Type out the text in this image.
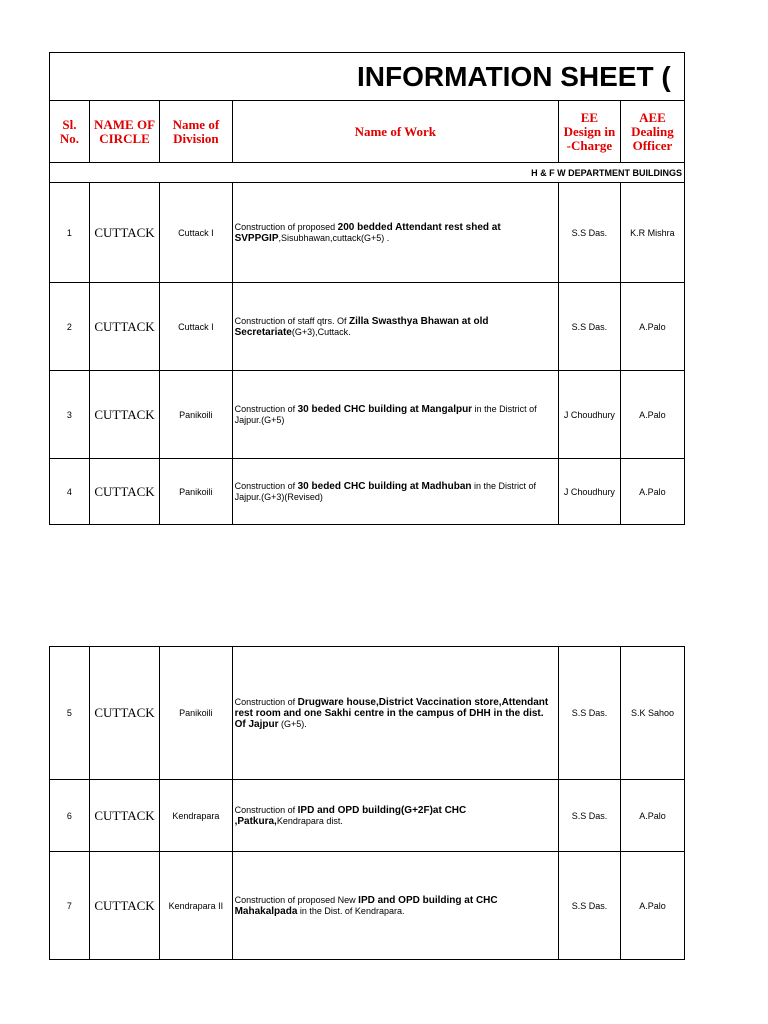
INFORMATION SHEET (					
Sl. No.	NAME OF CIRCLE	Name of Division	Name of Work	EE Design in -Charge	AEE Dealing Officer
H & F W DEPARTMENT BUILDINGS					
1	CUTTACK	Cuttack I	Construction of proposed 200 bedded Attendant rest shed at SVPPGIP,Sisubhawan,cuttack(G+5) .	S.S Das.	K.R Mishra
2	CUTTACK	Cuttack I	Construction of staff qtrs. Of Zilla Swasthya Bhawan at old Secretariate(G+3),Cuttack.	S.S Das.	A.Palo
3	CUTTACK	Panikoili	Construction of 30 beded CHC building at Mangalpur in the District of Jajpur.(G+5)	J Choudhury	A.Palo
4	CUTTACK	Panikoili	Construction of 30 beded CHC building at Madhuban in the District of Jajpur.(G+3)(Revised)	J Choudhury	A.Palo
5	CUTTACK	Panikoili	Construction of Drugware house,District Vaccination store,Attendant rest room and one Sakhi centre in the campus of DHH in the dist. Of Jajpur (G+5).	S.S Das.	S.K Sahoo
6	CUTTACK	Kendrapara	Construction of IPD and OPD building(G+2F)at CHC ,Patkura,Kendrapara dist.	S.S Das.	A.Palo
7	CUTTACK	Kendrapara II	Construction of proposed New IPD and OPD building at CHC Mahakalpada in the Dist. of Kendrapara.	S.S Das.	A.Palo
